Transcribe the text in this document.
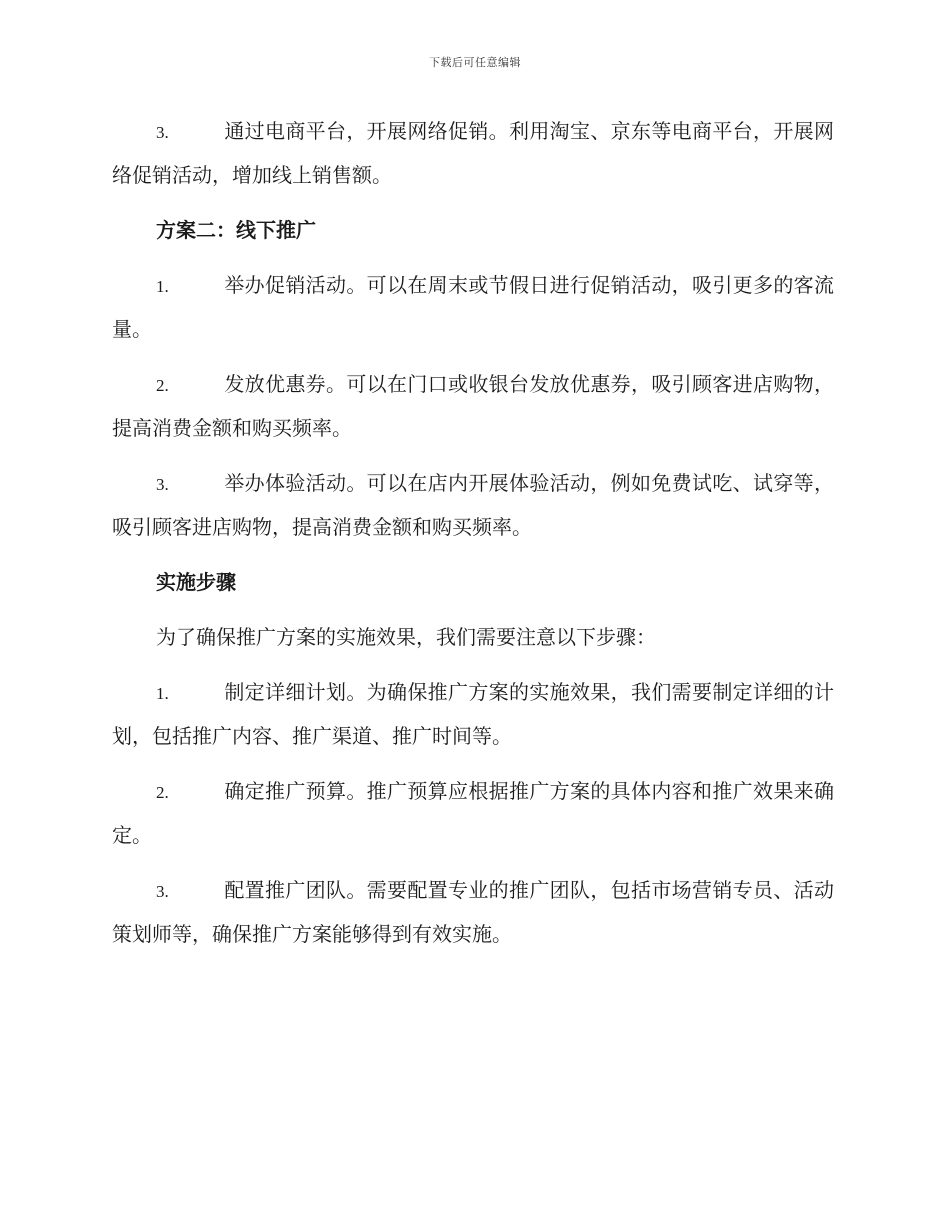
下载后可任意编辑

3.	通过电商平台，开展网络促销。利用淘宝、京东等电商平台，开展网络促销活动，增加线上销售额。

方案二：线下推广

1.	举办促销活动。可以在周末或节假日进行促销活动，吸引更多的客流量。

2.	发放优惠券。可以在门口或收银台发放优惠券，吸引顾客进店购物，提高消费金额和购买频率。

3.	举办体验活动。可以在店内开展体验活动，例如免费试吃、试穿等，吸引顾客进店购物，提高消费金额和购买频率。

实施步骤

为了确保推广方案的实施效果，我们需要注意以下步骤：

1.	制定详细计划。为确保推广方案的实施效果，我们需要制定详细的计划，包括推广内容、推广渠道、推广时间等。

2.	确定推广预算。推广预算应根据推广方案的具体内容和推广效果来确定。

3.	配置推广团队。需要配置专业的推广团队，包括市场营销专员、活动策划师等，确保推广方案能够得到有效实施。
